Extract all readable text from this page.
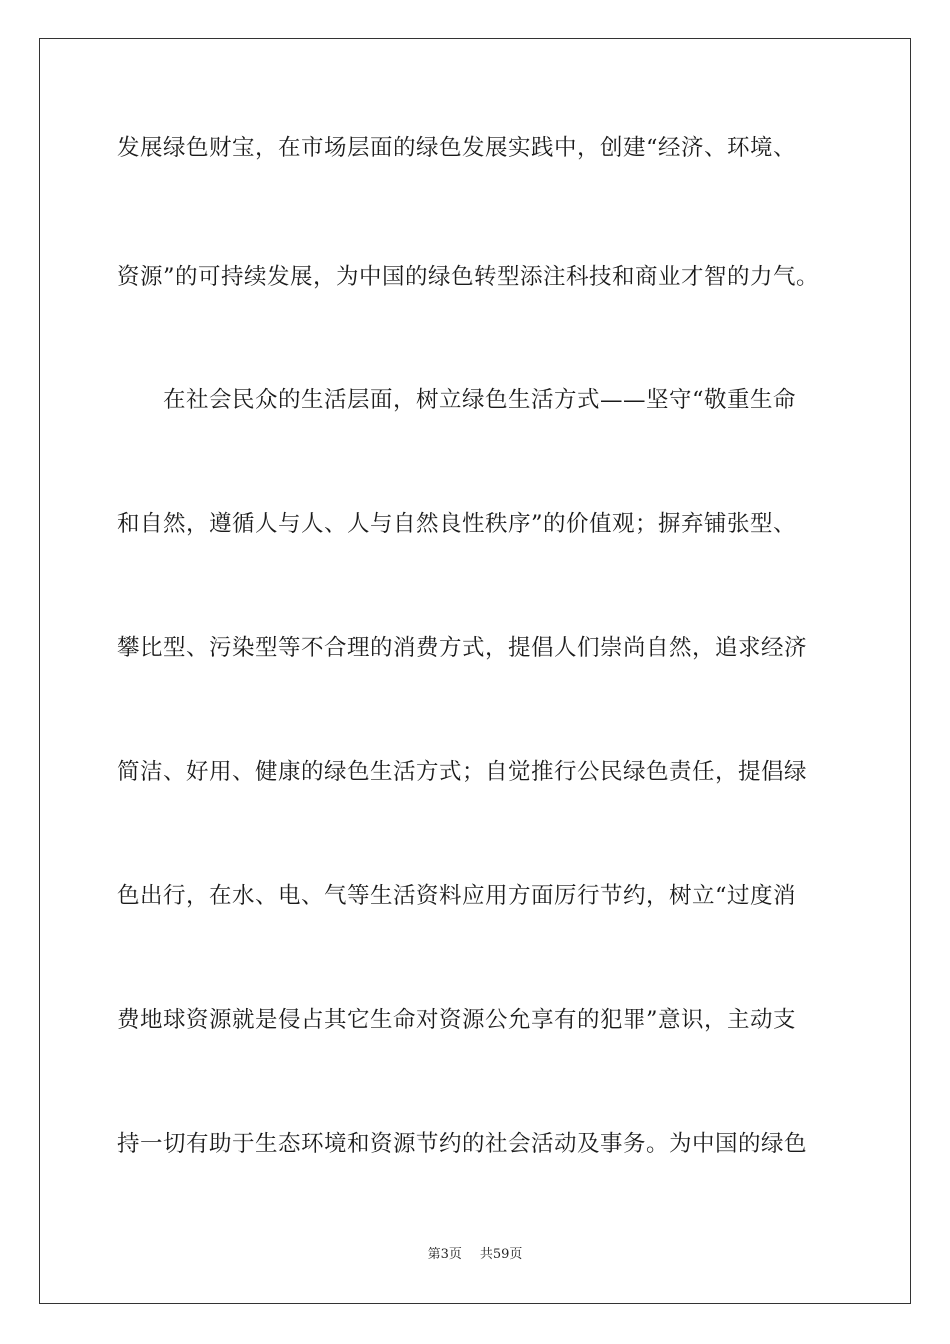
发展绿色财宝，在市场层面的绿色发展实践中，创建“经济、环境、
资源”的可持续发展，为中国的绿色转型添注科技和商业才智的力气。
在社会民众的生活层面，树立绿色生活方式——坚守“敬重生命
和自然，遵循人与人、人与自然良性秩序”的价值观；摒弃铺张型、
攀比型、污染型等不合理的消费方式，提倡人们崇尚自然，追求经济
简洁、好用、健康的绿色生活方式；自觉推行公民绿色责任，提倡绿
色出行，在水、电、气等生活资料应用方面厉行节约，树立“过度消
费地球资源就是侵占其它生命对资源公允享有的犯罪”意识，主动支
持一切有助于生态环境和资源节约的社会活动及事务。为中国的绿色
第3页 共59页
